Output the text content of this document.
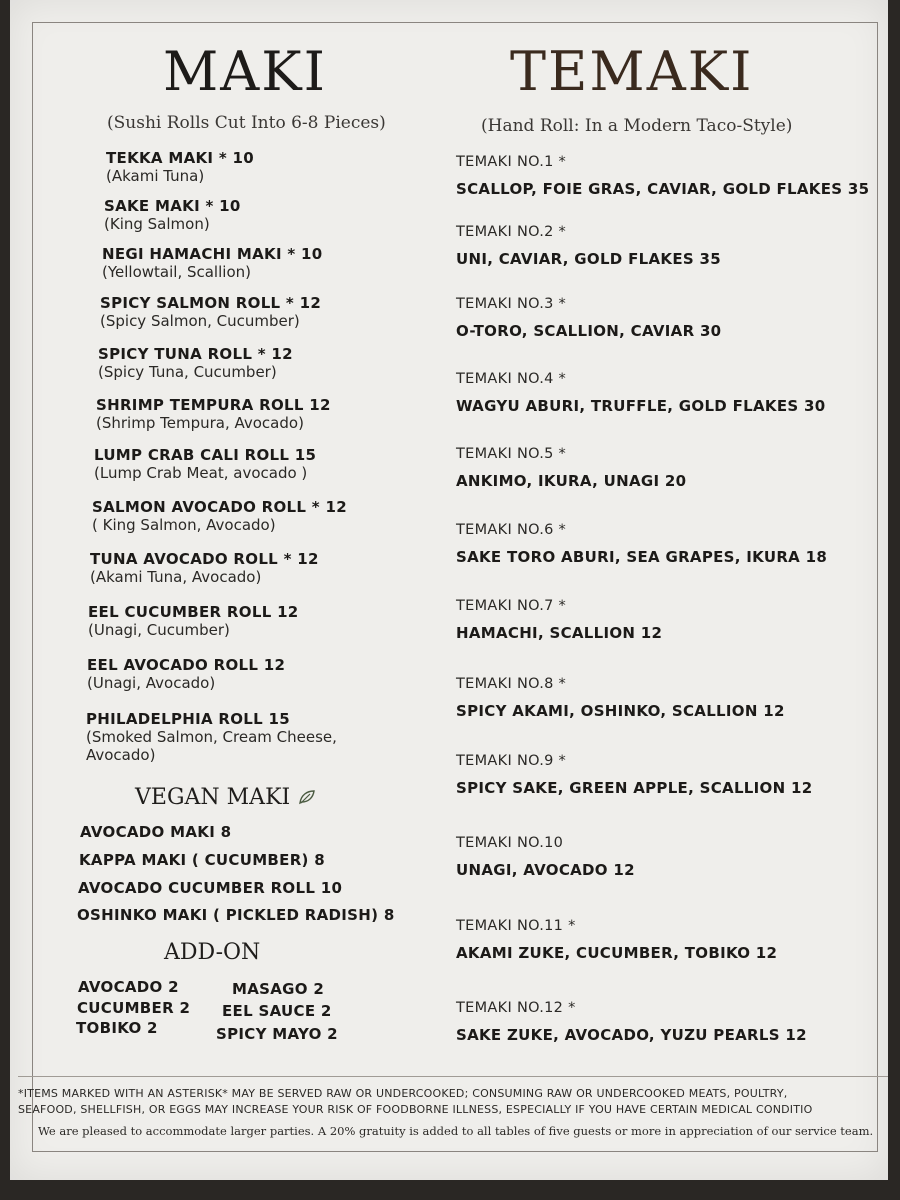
MAKI
(Sushi Rolls Cut Into 6-8 Pieces)
TEKKA MAKI * 10
(Akami Tuna)
SAKE MAKI * 10
(King Salmon)
NEGI HAMACHI MAKI * 10
(Yellowtail, Scallion)
SPICY SALMON ROLL * 12
(Spicy Salmon, Cucumber)
SPICY TUNA ROLL * 12
(Spicy Tuna, Cucumber)
SHRIMP TEMPURA ROLL 12
(Shrimp Tempura, Avocado)
LUMP CRAB CALI ROLL 15
(Lump Crab Meat, avocado )
SALMON AVOCADO ROLL * 12
( King Salmon, Avocado)
TUNA AVOCADO ROLL * 12
(Akami Tuna, Avocado)
EEL CUCUMBER ROLL 12
(Unagi, Cucumber)
EEL AVOCADO ROLL 12
(Unagi, Avocado)
PHILADELPHIA ROLL 15
(Smoked Salmon, Cream Cheese,
Avocado)
VEGAN MAKI
AVOCADO MAKI 8
KAPPA MAKI ( CUCUMBER) 8
AVOCADO CUCUMBER ROLL 10
OSHINKO MAKI ( PICKLED RADISH) 8
ADD-ON
AVOCADO 2
CUCUMBER 2
TOBIKO 2
MASAGO 2
EEL SAUCE 2
SPICY MAYO 2
TEMAKI
(Hand Roll: In a Modern Taco-Style)
TEMAKI NO.1 *
SCALLOP, FOIE GRAS, CAVIAR, GOLD FLAKES 35
TEMAKI NO.2 *
UNI, CAVIAR, GOLD FLAKES 35
TEMAKI NO.3 *
O-TORO, SCALLION, CAVIAR 30
TEMAKI NO.4 *
WAGYU ABURI, TRUFFLE, GOLD FLAKES 30
TEMAKI NO.5 *
ANKIMO, IKURA, UNAGI 20
TEMAKI NO.6 *
SAKE TORO ABURI, SEA GRAPES, IKURA 18
TEMAKI NO.7 *
HAMACHI, SCALLION 12
TEMAKI NO.8 *
SPICY AKAMI, OSHINKO, SCALLION 12
TEMAKI NO.9 *
SPICY SAKE, GREEN APPLE, SCALLION 12
TEMAKI NO.10
UNAGI, AVOCADO 12
TEMAKI NO.11 *
AKAMI ZUKE, CUCUMBER, TOBIKO 12
TEMAKI NO.12 *
SAKE ZUKE, AVOCADO, YUZU PEARLS 12
*ITEMS MARKED WITH AN ASTERISK* MAY BE SERVED RAW OR UNDERCOOKED; CONSUMING RAW OR UNDERCOOKED MEATS, POULTRY,
SEAFOOD, SHELLFISH, OR EGGS MAY INCREASE YOUR RISK OF FOODBORNE ILLNESS, ESPECIALLY IF YOU HAVE CERTAIN MEDICAL CONDITIO
We are pleased to accommodate larger parties. A 20% gratuity is added to all tables of five guests or more in appreciation of our service team.
